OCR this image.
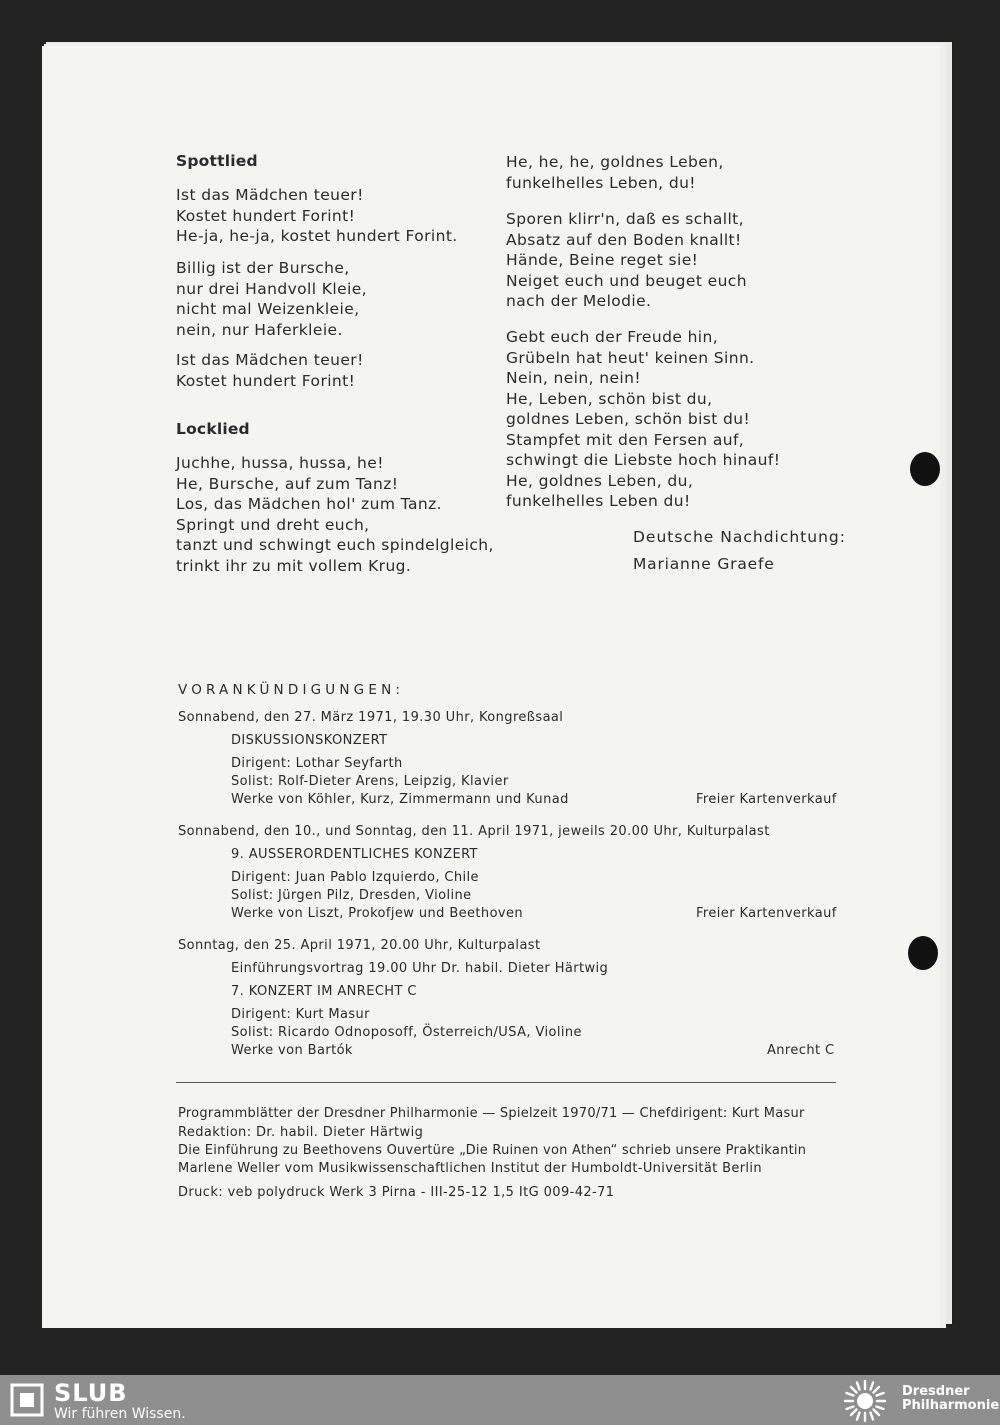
Spottlied
Ist das Mädchen teuer!
Kostet hundert Forint!
He-ja, he-ja, kostet hundert Forint.
Billig ist der Bursche,
nur drei Handvoll Kleie,
nicht mal Weizenkleie,
nein, nur Haferkleie.
Ist das Mädchen teuer!
Kostet hundert Forint!
Locklied
Juchhe, hussa, hussa, he!
He, Bursche, auf zum Tanz!
Los, das Mädchen hol' zum Tanz.
Springt und dreht euch,
tanzt und schwingt euch spindelgleich,
trinkt ihr zu mit vollem Krug.
He, he, he, goldnes Leben,
funkelhelles Leben, du!
Sporen klirr'n, daß es schallt,
Absatz auf den Boden knallt!
Hände, Beine reget sie!
Neiget euch und beuget euch
nach der Melodie.
Gebt euch der Freude hin,
Grübeln hat heut' keinen Sinn.
Nein, nein, nein!
He, Leben, schön bist du,
goldnes Leben, schön bist du!
Stampfet mit den Fersen auf,
schwingt die Liebste hoch hinauf!
He, goldnes Leben, du,
funkelhelles Leben du!
Deutsche Nachdichtung:
Marianne Graefe
VORANKÜNDIGUNGEN:
Sonnabend, den 27. März 1971, 19.30 Uhr, Kongreßsaal
DISKUSSIONSKONZERT
Dirigent: Lothar Seyfarth
Solist: Rolf-Dieter Arens, Leipzig, Klavier
Werke von Köhler, Kurz, Zimmermann und Kunad	Freier Kartenverkauf
Sonnabend, den 10., und Sonntag, den 11. April 1971, jeweils 20.00 Uhr, Kulturpalast
9. AUSSERORDENTLICHES KONZERT
Dirigent: Juan Pablo Izquierdo, Chile
Solist: Jürgen Pilz, Dresden, Violine
Werke von Liszt, Prokofjew und Beethoven	Freier Kartenverkauf
Sonntag, den 25. April 1971, 20.00 Uhr, Kulturpalast
Einführungsvortrag 19.00 Uhr Dr. habil. Dieter Härtwig
7. KONZERT IM ANRECHT C
Dirigent: Kurt Masur
Solist: Ricardo Odnoposoff, Österreich/USA, Violine
Werke von Bartók	Anrecht C
Programmblätter der Dresdner Philharmonie — Spielzeit 1970/71 — Chefdirigent: Kurt Masur
Redaktion: Dr. habil. Dieter Härtwig
Die Einführung zu Beethovens Ouvertüre „Die Ruinen von Athen“ schrieb unsere Praktikantin
Marlene Weller vom Musikwissenschaftlichen Institut der Humboldt-Universität Berlin
Druck: veb polydruck Werk 3 Pirna - III-25-12 1,5 ItG 009-42-71
SLUB
Wir führen Wissen.
Dresdner
Philharmonie
